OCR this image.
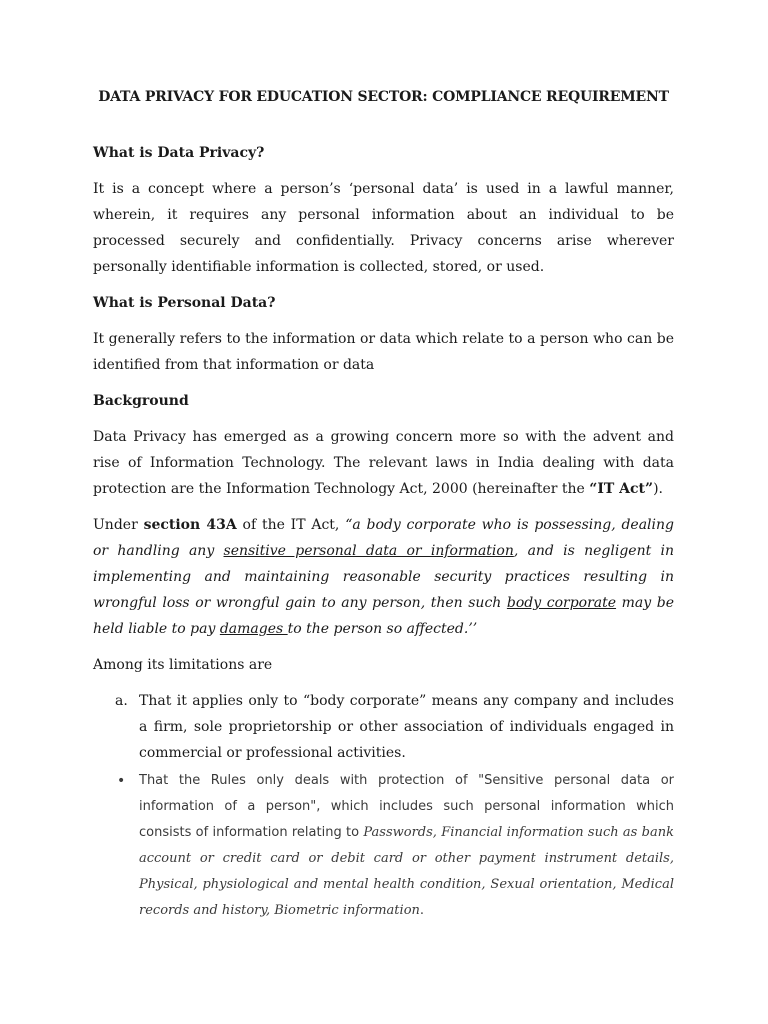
DATA PRIVACY FOR EDUCATION SECTOR: COMPLIANCE REQUIREMENT
What is Data Privacy?

It is a concept where a person’s ‘personal data’ is used in a lawful manner, wherein, it requires any personal information about an individual to be processed securely and confidentially. Privacy concerns arise wherever personally identifiable information is collected, stored, or used.

What is Personal Data?

It generally refers to the information or data which relate to a person who can be identified from that information or data

Background

Data Privacy has emerged as a growing concern more so with the advent and rise of Information Technology. The relevant laws in India dealing with data protection are the Information Technology Act, 2000 (hereinafter the “IT Act”).

Under section 43A of the IT Act, “a body corporate who is possessing, dealing or handling any sensitive personal data or information, and is negligent in implementing and maintaining reasonable security practices resulting in wrongful loss or wrongful gain to any person, then such body corporate may be held liable to pay damages to the person so affected.’’

Among its limitations are

a. That it applies only to “body corporate” means any company and includes a firm, sole proprietorship or other association of individuals engaged in commercial or professional activities.
• That the Rules only deals with protection of "Sensitive personal data or information of a person", which includes such personal information which consists of information relating to Passwords, Financial information such as bank account or credit card or debit card or other payment instrument details, Physical, physiological and mental health condition, Sexual orientation, Medical records and history, Biometric information.
